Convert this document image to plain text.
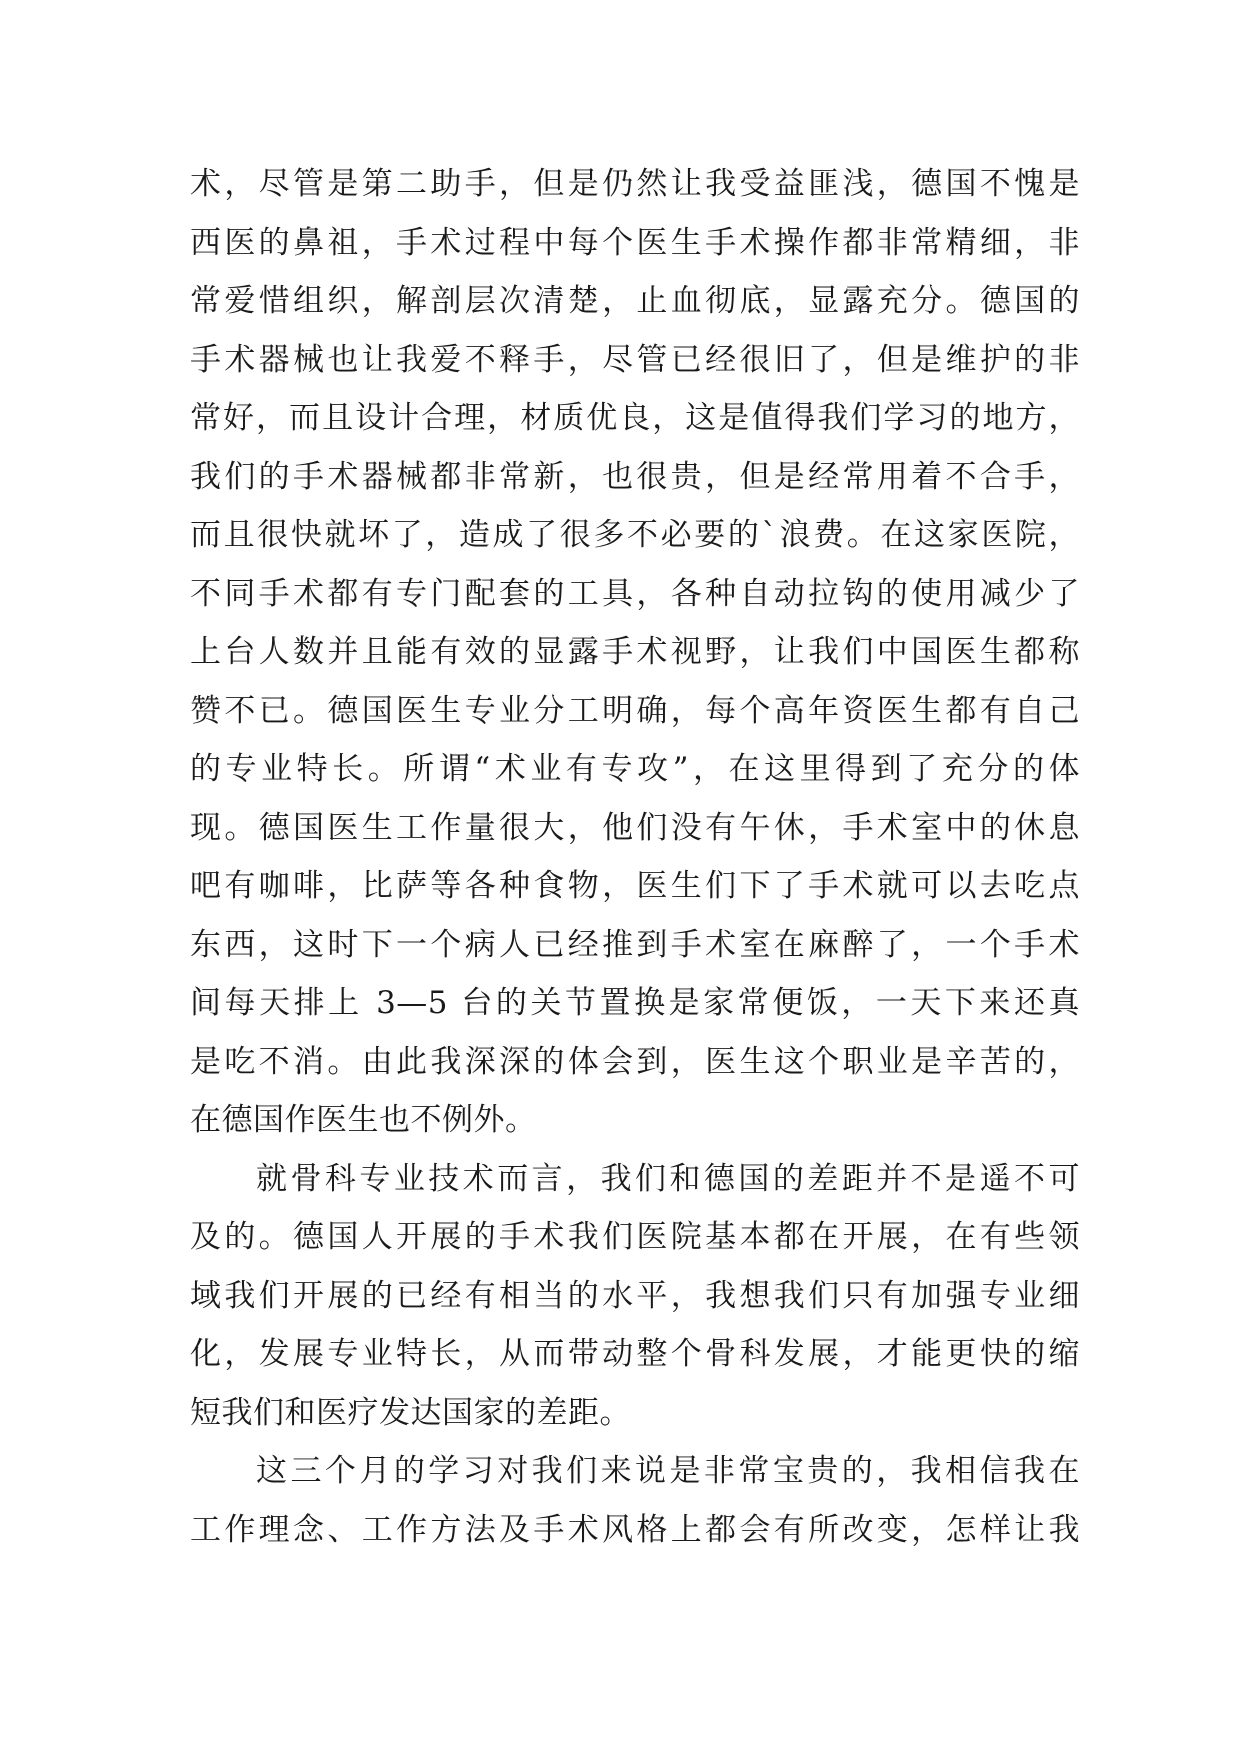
术，尽管是第二助手，但是仍然让我受益匪浅，德国不愧是
西医的鼻祖，手术过程中每个医生手术操作都非常精细，非
常爱惜组织，解剖层次清楚，止血彻底，显露充分。德国的
手术器械也让我爱不释手，尽管已经很旧了，但是维护的非
常好，而且设计合理，材质优良，这是值得我们学习的地方，
我们的手术器械都非常新，也很贵，但是经常用着不合手，
而且很快就坏了，造成了很多不必要的`浪费。在这家医院，
不同手术都有专门配套的工具，各种自动拉钩的使用减少了
上台人数并且能有效的显露手术视野，让我们中国医生都称
赞不已。德国医生专业分工明确，每个高年资医生都有自己
的专业特长。所谓“术业有专攻”，在这里得到了充分的体
现。德国医生工作量很大，他们没有午休，手术室中的休息
吧有咖啡，比萨等各种食物，医生们下了手术就可以去吃点
东西，这时下一个病人已经推到手术室在麻醉了，一个手术
间每天排上 3—5 台的关节置换是家常便饭，一天下来还真
是吃不消。由此我深深的体会到，医生这个职业是辛苦的，
在德国作医生也不例外。
就骨科专业技术而言，我们和德国的差距并不是遥不可
及的。德国人开展的手术我们医院基本都在开展，在有些领
域我们开展的已经有相当的水平，我想我们只有加强专业细
化，发展专业特长，从而带动整个骨科发展，才能更快的缩
短我们和医疗发达国家的差距。
这三个月的学习对我们来说是非常宝贵的，我相信我在
工作理念、工作方法及手术风格上都会有所改变，怎样让我
